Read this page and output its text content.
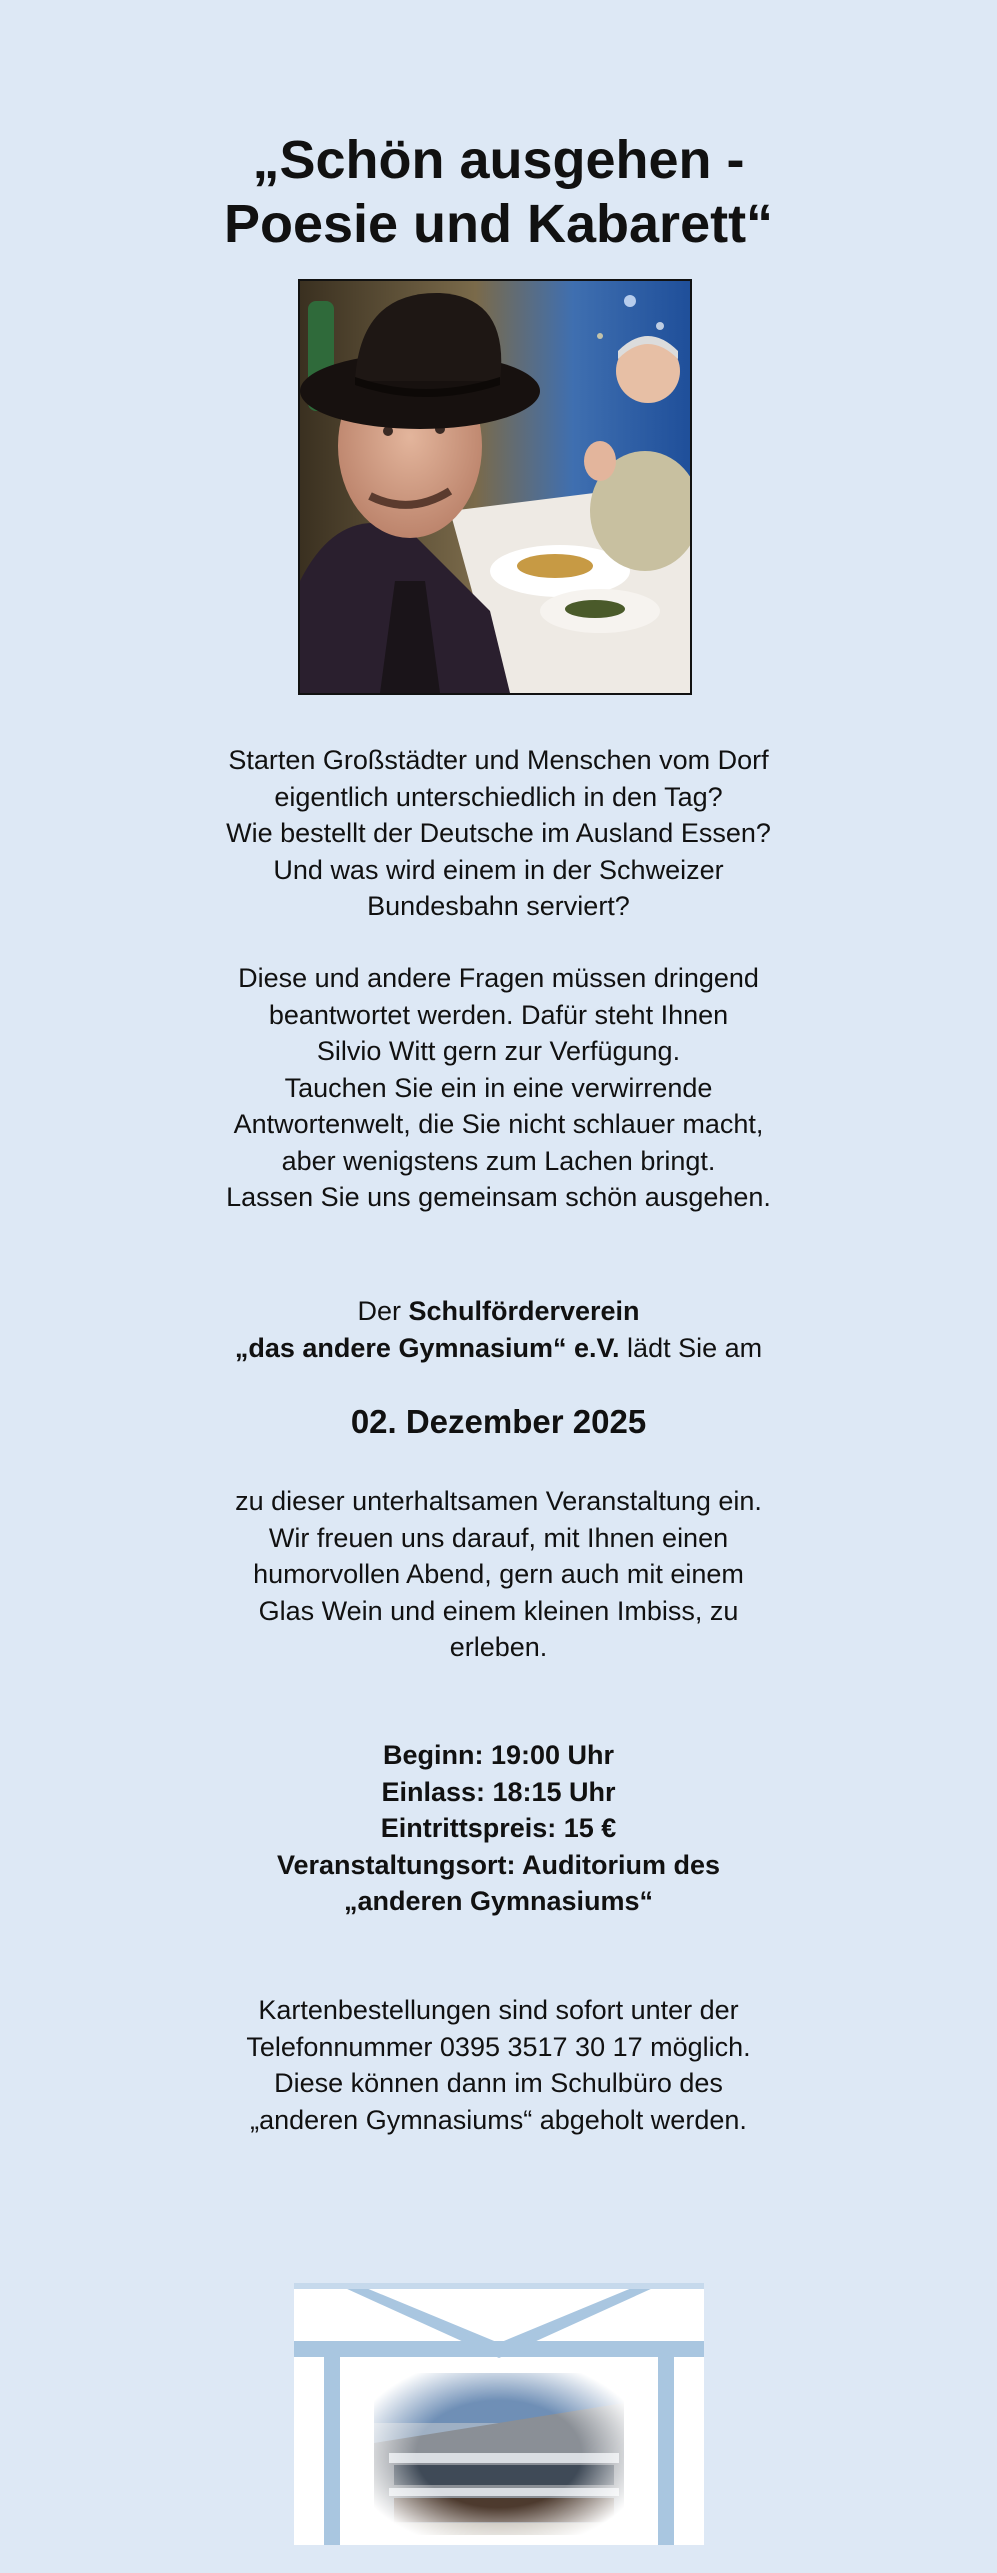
„Schön ausgehen -
Poesie und Kabarett“

Starten Großstädter und Menschen vom Dorf

eigentlich unterschiedlich in den Tag?

Wie bestellt der Deutsche im Ausland Essen?

Und was wird einem in der Schweizer

Bundesbahn serviert?

Diese und andere Fragen müssen dringend

beantwortet werden. Dafür steht Ihnen

Silvio Witt gern zur Verfügung.

Tauchen Sie ein in eine verwirrende

Antwortenwelt, die Sie nicht schlauer macht,

aber wenigstens zum Lachen bringt.

Lassen Sie uns gemeinsam schön ausgehen.

Der Schulförderverein

„das andere Gymnasium“ e.V. lädt Sie am

02. Dezember 2025

zu dieser unterhaltsamen Veranstaltung ein.

Wir freuen uns darauf, mit Ihnen einen

humorvollen Abend, gern auch mit einem

Glas Wein und einem kleinen Imbiss, zu

erleben.

Beginn: 19:00 Uhr

Einlass: 18:15 Uhr

Eintrittspreis: 15 €

Veranstaltungsort: Auditorium des

„anderen Gymnasiums“

Kartenbestellungen sind sofort unter der

Telefonnummer 0395 3517 30 17 möglich.

Diese können dann im Schulbüro des

„anderen Gymnasiums“ abgeholt werden.
